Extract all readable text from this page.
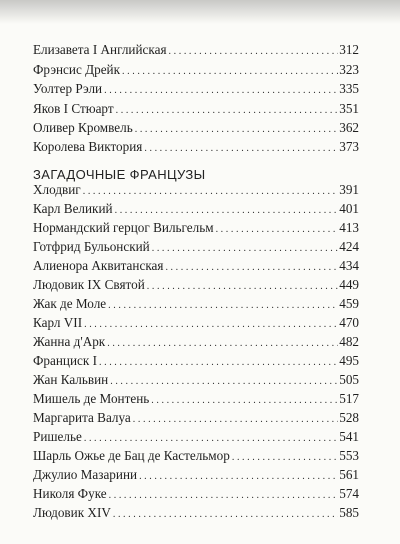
Елизавета I Английская .....	312
Фрэнсис Дрейк .....	323
Уолтер Рэли .....	335
Яков I Стюарт .....	351
Оливер Кромвель .....	362
Королева Виктория .....	373
ЗАГАДОЧНЫЕ ФРАНЦУЗЫ
Хлодвиг .....	391
Карл Великий .....	401
Нормандский герцог Вильгельм .....	413
Готфрид Бульонский .....	424
Алиенора Аквитанская .....	434
Людовик IX Святой .....	449
Жак де Моле .....	459
Карл VII .....	470
Жанна д'Арк .....	482
Франциск I .....	495
Жан Кальвин .....	505
Мишель де Монтень .....	517
Маргарита Валуа .....	528
Ришелье .....	541
Шарль Ожье де Бац де Кастельмор .....	553
Джулио Мазарини .....	561
Николя Фуке .....	574
Людовик XIV .....	585
